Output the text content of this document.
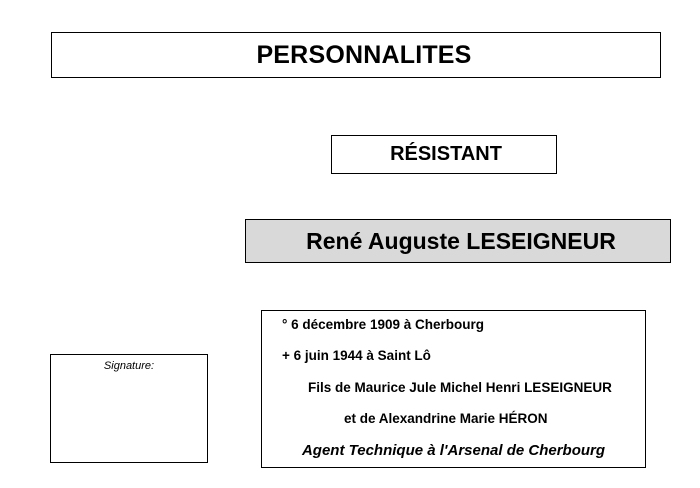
PERSONNALITES
RÉSISTANT
René Auguste LESEIGNEUR
Signature:
° 6 décembre 1909 à Cherbourg
+ 6 juin 1944 à Saint Lô
Fils de Maurice Jule Michel Henri LESEIGNEUR
et de Alexandrine Marie HÉRON
Agent Technique à l'Arsenal de Cherbourg
